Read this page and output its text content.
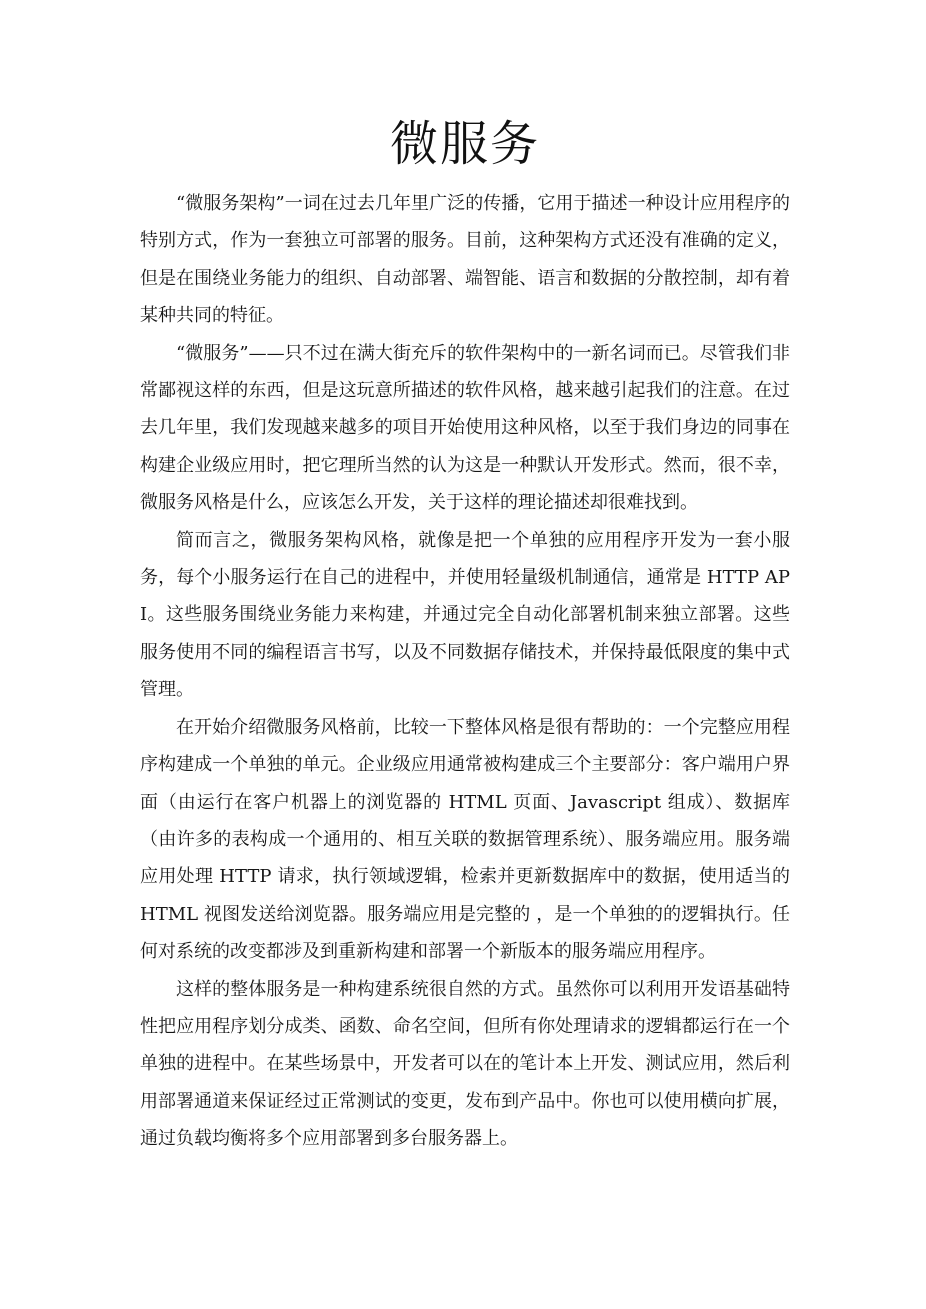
微服务

“微服务架构”一词在过去几年里广泛的传播，它用于描述一种设计应用程序的特别方式，作为一套独立可部署的服务。目前，这种架构方式还没有准确的定义，但是在围绕业务能力的组织、自动部署、端智能、语言和数据的分散控制，却有着某种共同的特征。

“微服务”——只不过在满大街充斥的软件架构中的一新名词而已。尽管我们非常鄙视这样的东西，但是这玩意所描述的软件风格，越来越引起我们的注意。在过去几年里，我们发现越来越多的项目开始使用这种风格，以至于我们身边的同事在构建企业级应用时，把它理所当然的认为这是一种默认开发形式。然而，很不幸，微服务风格是什么，应该怎么开发，关于这样的理论描述却很难找到。

简而言之，微服务架构风格，就像是把一个单独的应用程序开发为一套小服务，每个小服务运行在自己的进程中，并使用轻量级机制通信，通常是 HTTP API。这些服务围绕业务能力来构建，并通过完全自动化部署机制来独立部署。这些服务使用不同的编程语言书写，以及不同数据存储技术，并保持最低限度的集中式管理。

在开始介绍微服务风格前，比较一下整体风格是很有帮助的：一个完整应用程序构建成一个单独的单元。企业级应用通常被构建成三个主要部分：客户端用户界面（由运行在客户机器上的浏览器的 HTML 页面、Javascript 组成）、数据库（由许多的表构成一个通用的、相互关联的数据管理系统）、服务端应用。服务端应用处理 HTTP 请求，执行领域逻辑，检索并更新数据库中的数据，使用适当的 HTML 视图发送给浏览器。服务端应用是完整的 ，是一个单独的的逻辑执行。任何对系统的改变都涉及到重新构建和部署一个新版本的服务端应用程序。

这样的整体服务是一种构建系统很自然的方式。虽然你可以利用开发语基础特性把应用程序划分成类、函数、命名空间，但所有你处理请求的逻辑都运行在一个单独的进程中。在某些场景中，开发者可以在的笔计本上开发、测试应用，然后利用部署通道来保证经过正常测试的变更，发布到产品中。你也可以使用横向扩展，通过负载均衡将多个应用部署到多台服务器上。
